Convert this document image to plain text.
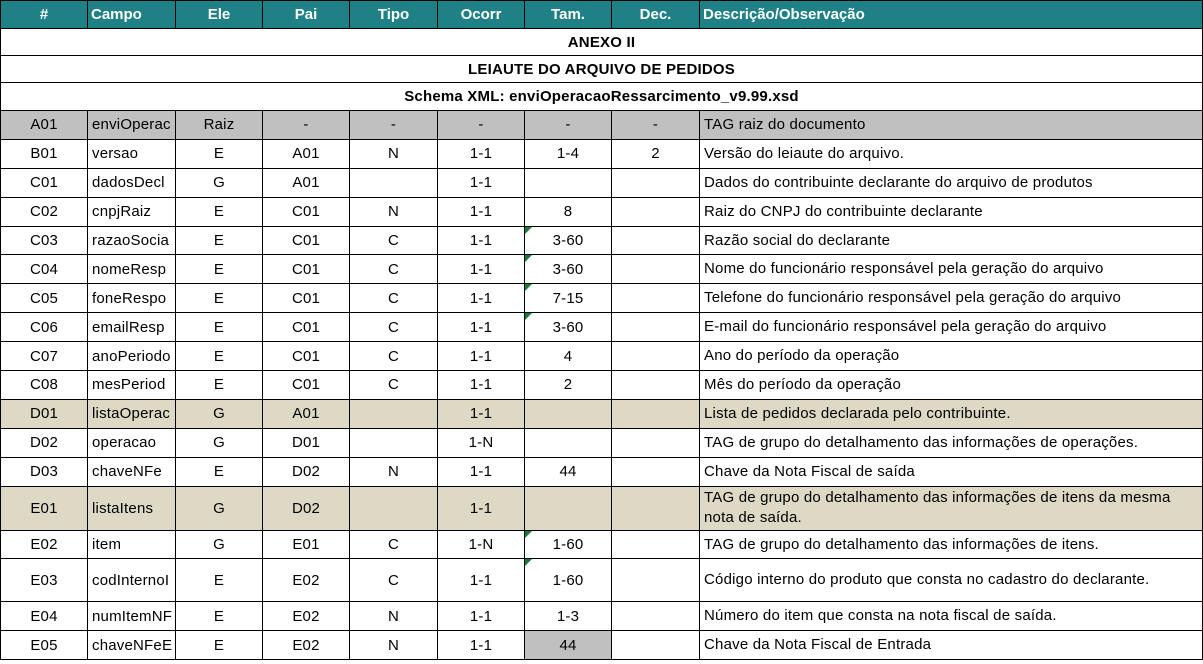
ANEXO II								
LEIAUTE DO ARQUIVO DE PEDIDOS								
Schema XML: enviOperacaoRessarcimento_v9.99.xsd								
#	Campo	Ele	Pai	Tipo	Ocorr	Tam.	Dec.	Descrição/Observação
A01	enviOperac	Raiz	-	-	-	-	-	TAG raiz do documento
B01	versao	E	A01	N	1-1	1-4	2	Versão do leiaute do arquivo.
C01	dadosDecl	G	A01		1-1			Dados do contribuinte declarante do arquivo de produtos
C02	cnpjRaiz	E	C01	N	1-1	8		Raiz do CNPJ do contribuinte declarante
C03	razaoSocia	E	C01	C	1-1	3-60		Razão social do declarante
C04	nomeResp	E	C01	C	1-1	3-60		Nome do funcionário responsável pela geração do arquivo
C05	foneRespo	E	C01	C	1-1	7-15		Telefone do funcionário responsável pela geração do arquivo
C06	emailResp	E	C01	C	1-1	3-60		E-mail do funcionário responsável pela geração do arquivo
C07	anoPeriodo	E	C01	C	1-1	4		Ano do período da operação
C08	mesPeriod	E	C01	C	1-1	2		Mês do período da operação
D01	listaOperac	G	A01		1-1			Lista de pedidos declarada pelo contribuinte.
D02	operacao	G	D01		1-N			TAG de grupo do detalhamento das informações de operações.
D03	chaveNFe	E	D02	N	1-1	44		Chave da Nota Fiscal de saída
E01	listaItens	G	D02		1-1			TAG de grupo do detalhamento das informações de itens da mesma nota de saída.
E02	item	G	E01	C	1-N	1-60		TAG de grupo do detalhamento das informações de itens.
E03	codInternoI	E	E02	C	1-1	1-60		Código interno do produto que consta no cadastro do declarante.
E04	numItemNF	E	E02	N	1-1	1-3		Número do item que consta na nota fiscal de saída.
E05	chaveNFeE	E	E02	N	1-1	44		Chave da Nota Fiscal de Entrada
